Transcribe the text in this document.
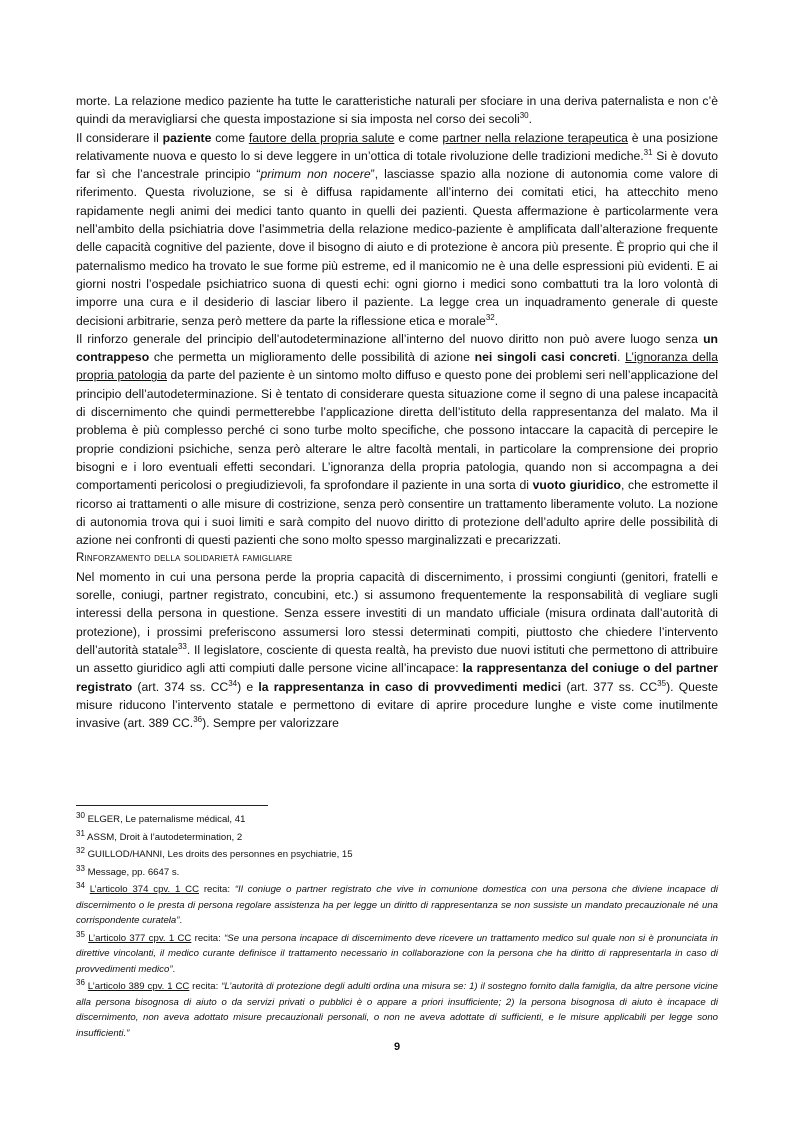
morte. La relazione medico paziente ha tutte le caratteristiche naturali per sfociare in una deriva paternalista e non c’è quindi da meravigliarsi che questa impostazione si sia imposta nel corso dei secoli$^{30}$.

Il considerare il paziente come fautore della propria salute e come partner nella relazione terapeutica è una posizione relativamente nuova e questo lo si deve leggere in un’ottica di totale rivoluzione delle tradizioni mediche.$^{31}$ Si è dovuto far sì che l’ancestrale principio “primum non nocere”, lasciasse spazio alla nozione di autonomia come valore di riferimento. Questa rivoluzione, se si è diffusa rapidamente all’interno dei comitati etici, ha attecchito meno rapidamente negli animi dei medici tanto quanto in quelli dei pazienti. Questa affermazione è particolarmente vera nell’ambito della psichiatria dove l’asimmetria della relazione medico-paziente è amplificata dall’alterazione frequente delle capacità cognitive del paziente, dove il bisogno di aiuto e di protezione è ancora più presente. È proprio qui che il paternalismo medico ha trovato le sue forme più estreme, ed il manicomio ne è una delle espressioni più evidenti. E ai giorni nostri l’ospedale psichiatrico suona di questi echi: ogni giorno i medici sono combattuti tra la loro volontà di imporre una cura e il desiderio di lasciar libero il paziente. La legge crea un inquadramento generale di queste decisioni arbitrarie, senza però mettere da parte la riflessione etica e morale$^{32}$.

Il rinforzo generale del principio dell’autodeterminazione all’interno del nuovo diritto non può avere luogo senza un contrappeso che permetta un miglioramento delle possibilità di azione nei singoli casi concreti. L’ignoranza della propria patologia da parte del paziente è un sintomo molto diffuso e questo pone dei problemi seri nell’applicazione del principio dell’autodeterminazione. Si è tentato di considerare questa situazione come il segno di una palese incapacità di discernimento che quindi permetterebbe l’applicazione diretta dell’istituto della rappresentanza del malato. Ma il problema è più complesso perché ci sono turbe molto specifiche, che possono intaccare la capacità di percepire le proprie condizioni psichiche, senza però alterare le altre facoltà mentali, in particolare la comprensione dei proprio bisogni e i loro eventuali effetti secondari. L’ignoranza della propria patologia, quando non si accompagna a dei comportamenti pericolosi o pregiudizievoli, fa sprofondare il paziente in una sorta di vuoto giuridico, che estromette il ricorso ai trattamenti o alle misure di costrizione, senza però consentire un trattamento liberamente voluto. La nozione di autonomia trova qui i suoi limiti e sarà compito del nuovo diritto di protezione dell’adulto aprire delle possibilità di azione nei confronti di questi pazienti che sono molto spesso marginalizzati e precarizzati.

Rinforzamento della solidarietà famigliare

Nel momento in cui una persona perde la propria capacità di discernimento, i prossimi congiunti (genitori, fratelli e sorelle, coniugi, partner registrato, concubini, etc.) si assumono frequentemente la responsabilità di vegliare sugli interessi della persona in questione. Senza essere investiti di un mandato ufficiale (misura ordinata dall’autorità di protezione), i prossimi preferiscono assumersi loro stessi determinati compiti, piuttosto che chiedere l’intervento dell’autorità statale$^{33}$. Il legislatore, cosciente di questa realtà, ha previsto due nuovi istituti che permettono di attribuire un assetto giuridico agli atti compiuti dalle persone vicine all’incapace: la rappresentanza del coniuge o del partner registrato (art. 374 ss. CC$^{34}$) e la rappresentanza in caso di provvedimenti medici (art. 377 ss. CC$^{35}$). Queste misure riducono l’intervento statale e permettono di evitare di aprire procedure lunghe e viste come inutilmente invasive (art. 389 CC.$^{36}$). Sempre per valorizzare

$^{30}$ ELGER, Le paternalisme médical, 41

$^{31}$ ASSM, Droit à l’autodetermination, 2

$^{32}$ GUILLOD/HANNI, Les droits des personnes en psychiatrie, 15

$^{33}$ Message, pp. 6647 s.

$^{34}$ L’articolo 374 cpv. 1 CC recita: “Il coniuge o partner registrato che vive in comunione domestica con una persona che diviene incapace di discernimento o le presta di persona regolare assistenza ha per legge un diritto di rappresentanza se non sussiste un mandato precauzionale né una corrispondente curatela”.

$^{35}$ L’articolo 377 cpv. 1 CC recita: “Se una persona incapace di discernimento deve ricevere un trattamento medico sul quale non si è pronunciata in direttive vincolanti, il medico curante definisce il trattamento necessario in collaborazione con la persona che ha diritto di rappresentarla in caso di provvedimenti medico”.

$^{36}$ L’articolo 389 cpv. 1 CC recita: “L’autorità di protezione degli adulti ordina una misura se: 1) il sostegno fornito dalla famiglia, da altre persone vicine alla persona bisognosa di aiuto o da servizi privati o pubblici è o appare a priori insufficiente; 2) la persona bisognosa di aiuto è incapace di discernimento, non aveva adottato misure precauzionali personali, o non ne aveva adottate di sufficienti, e le misure applicabili per legge sono insufficienti.”

9
